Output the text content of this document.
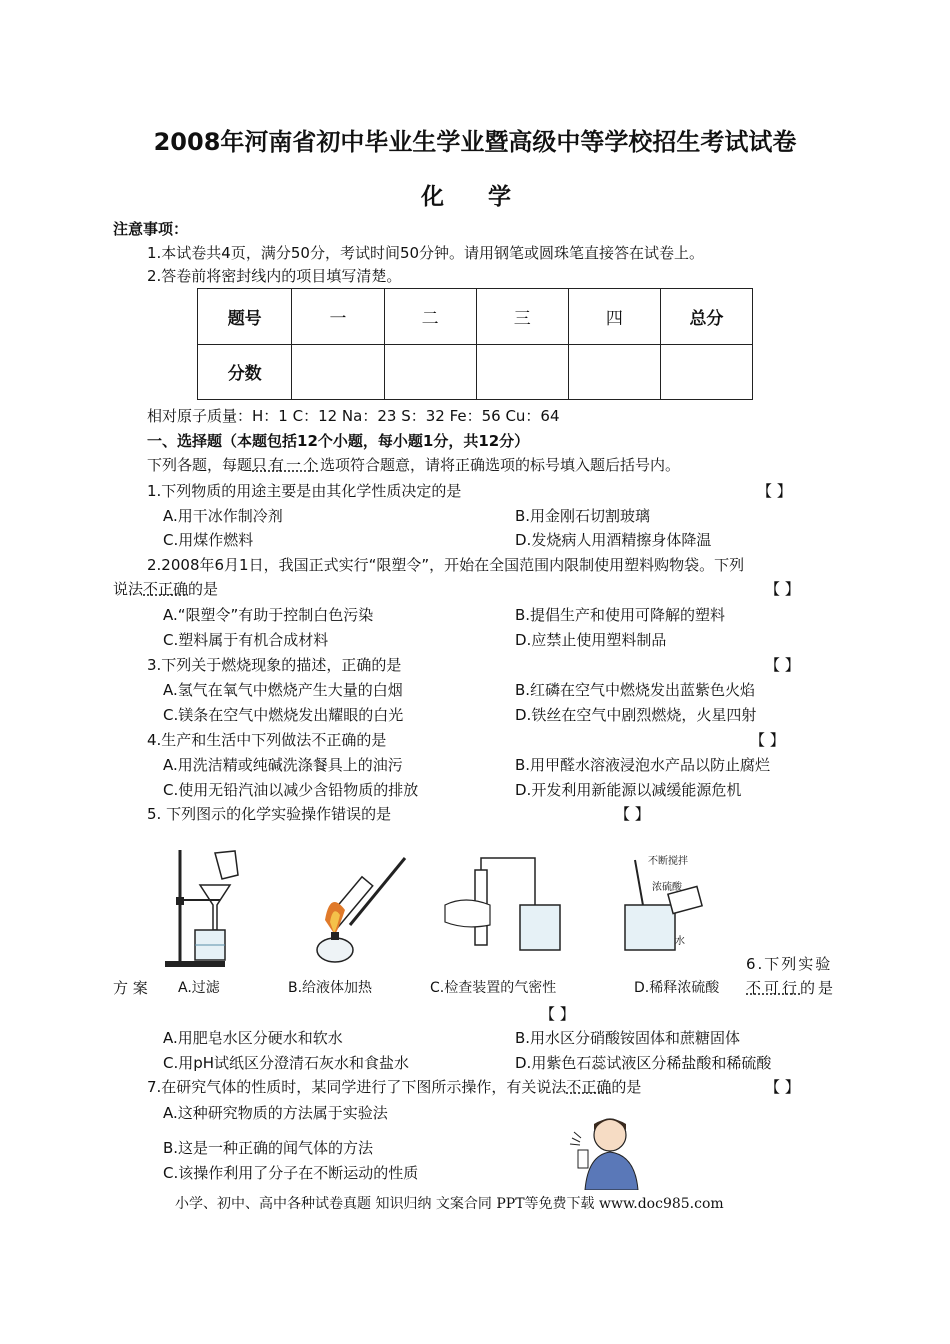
2008年河南省初中毕业生学业暨高级中等学校招生考试试卷
化 学
注意事项：
1.本试卷共4页，满分50分，考试时间50分钟。请用钢笔或圆珠笔直接答在试卷上。
2.答卷前将密封线内的项目填写清楚。
题号	一	二	三	四	总分
分数					
相对原子质量：H：1 C：12 Na：23 S：32 Fe：56 Cu：64
一、选择题（本题包括12个小题，每小题1分，共12分）
下列各题，每题只有一个选项符合题意，请将正确选项的标号填入题后括号内。
1.下列物质的用途主要是由其化学性质决定的是	【 】
A.用干冰作制冷剂	B.用金刚石切割玻璃
C.用煤作燃料	D.发烧病人用酒精擦身体降温
2.2008年6月1日，我国正式实行“限塑令”，开始在全国范围内限制使用塑料购物袋。下列
说法不正确的是	【 】
A.“限塑令”有助于控制白色污染	B.提倡生产和使用可降解的塑料
C.塑料属于有机合成材料	D.应禁止使用塑料制品
3.下列关于燃烧现象的描述，正确的是	【 】
A.氢气在氧气中燃烧产生大量的白烟	B.红磷在空气中燃烧发出蓝紫色火焰
C.镁条在空气中燃烧发出耀眼的白光	D.铁丝在空气中剧烈燃烧，火星四射
4.生产和生活中下列做法不正确的是	【 】
A.用洗洁精或纯碱洗涤餐具上的油污	B.用甲醛水溶液浸泡水产品以防止腐烂
C.使用无铅汽油以减少含铅物质的排放	D.开发利用新能源以减缓能源危机
5. 下列图示的化学实验操作错误的是	【 】
A.过滤	B.给液体加热	C.检查装置的气密性
不断搅拌
浓硫酸
水
D.稀释浓硫酸
6.下列实验
方 案	不可行的是
【 】
A.用肥皂水区分硬水和软水	B.用水区分硝酸铵固体和蔗糖固体
C.用pH试纸区分澄清石灰水和食盐水	D.用紫色石蕊试液区分稀盐酸和稀硫酸
7.在研究气体的性质时，某同学进行了下图所示操作，有关说法不正确的是	【 】
A.这种研究物质的方法属于实验法
B.这是一种正确的闻气体的方法
C.该操作利用了分子在不断运动的性质
小学、初中、高中各种试卷真题 知识归纳 文案合同 PPT等免费下载 www.doc985.com
